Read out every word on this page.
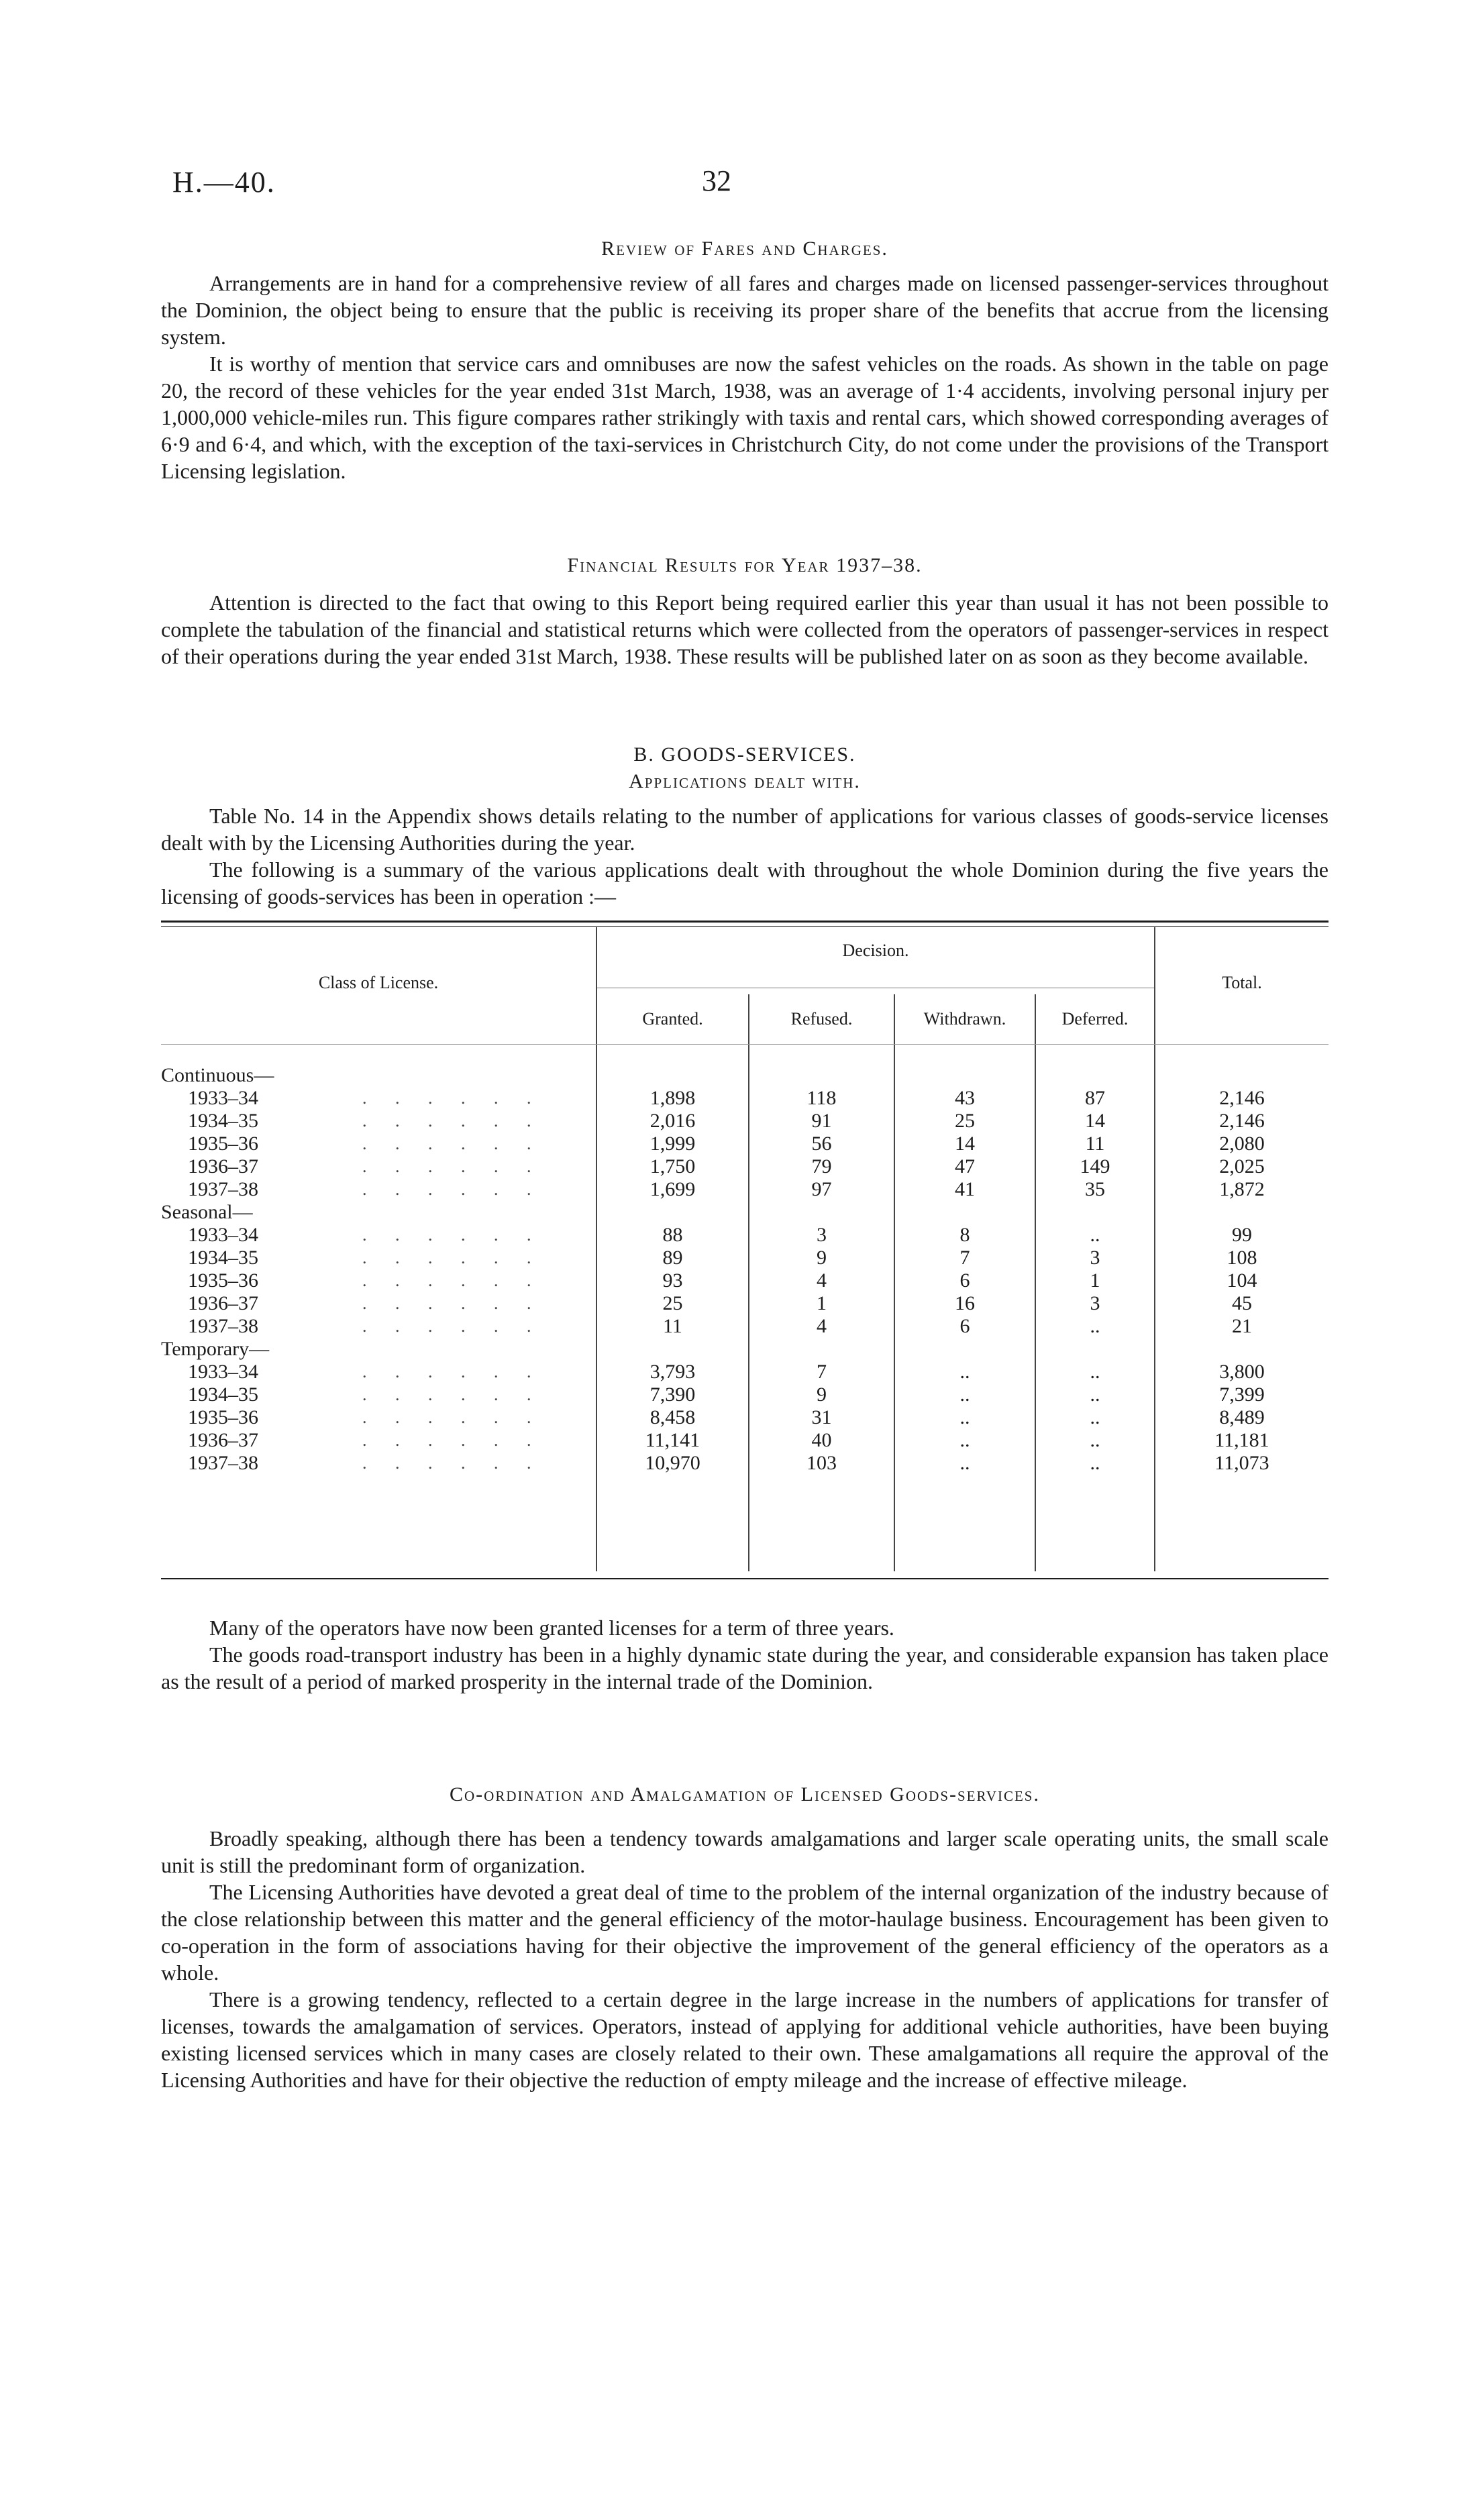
H.—40.	32
Review of Fares and Charges.

Arrangements are in hand for a comprehensive review of all fares and charges made on licensed passenger-services throughout the Dominion, the object being to ensure that the public is receiving its proper share of the benefits that accrue from the licensing system.

It is worthy of mention that service cars and omnibuses are now the safest vehicles on the roads. As shown in the table on page 20, the record of these vehicles for the year ended 31st March, 1938, was an average of 1·4 accidents, involving personal injury per 1,000,000 vehicle-miles run. This figure compares rather strikingly with taxis and rental cars, which showed corresponding averages of 6·9 and 6·4, and which, with the exception of the taxi-services in Christchurch City, do not come under the provisions of the Transport Licensing legislation.

Financial Results for Year 1937–38.

Attention is directed to the fact that owing to this Report being required earlier this year than usual it has not been possible to complete the tabulation of the financial and statistical returns which were collected from the operators of passenger-services in respect of their operations during the year ended 31st March, 1938. These results will be published later on as soon as they become available.

B. GOODS-SERVICES.
Applications dealt with.

Table No. 14 in the Appendix shows details relating to the number of applications for various classes of goods-service licenses dealt with by the Licensing Authorities during the year.

The following is a summary of the various applications dealt with throughout the whole Dominion during the five years the licensing of goods-services has been in operation :—

Class of License.
Decision.
Granted.	Refused.	Withdrawn.	Deferred.
Total.
Continuous—
1933–34	. . . . . .	1,898	118	43	87	2,146
1934–35	. . . . . .	2,016	91	25	14	2,146
1935–36	. . . . . .	1,999	56	14	11	2,080
1936–37	. . . . . .	1,750	79	47	149	2,025
1937–38	. . . . . .	1,699	97	41	35	1,872
Seasonal—
1933–34	. . . . . .	88	3	8	..	99
1934–35	. . . . . .	89	9	7	3	108
1935–36	. . . . . .	93	4	6	1	104
1936–37	. . . . . .	25	1	16	3	45
1937–38	. . . . . .	11	4	6	..	21
Temporary—
1933–34	. . . . . .	3,793	7	..	..	3,800
1934–35	. . . . . .	7,390	9	..	..	7,399
1935–36	. . . . . .	8,458	31	..	..	8,489
1936–37	. . . . . .	11,141	40	..	..	11,181
1937–38	. . . . . .	10,970	103	..	..	11,073

Many of the operators have now been granted licenses for a term of three years.

The goods road-transport industry has been in a highly dynamic state during the year, and considerable expansion has taken place as the result of a period of marked prosperity in the internal trade of the Dominion.

Co-ordination and Amalgamation of Licensed Goods-services.

Broadly speaking, although there has been a tendency towards amalgamations and larger scale operating units, the small scale unit is still the predominant form of organization.

The Licensing Authorities have devoted a great deal of time to the problem of the internal organization of the industry because of the close relationship between this matter and the general efficiency of the motor-haulage business. Encouragement has been given to co-operation in the form of associations having for their objective the improvement of the general efficiency of the operators as a whole.

There is a growing tendency, reflected to a certain degree in the large increase in the numbers of applications for transfer of licenses, towards the amalgamation of services. Operators, instead of applying for additional vehicle authorities, have been buying existing licensed services which in many cases are closely related to their own. These amalgamations all require the approval of the Licensing Authorities and have for their objective the reduction of empty mileage and the increase of effective mileage.
